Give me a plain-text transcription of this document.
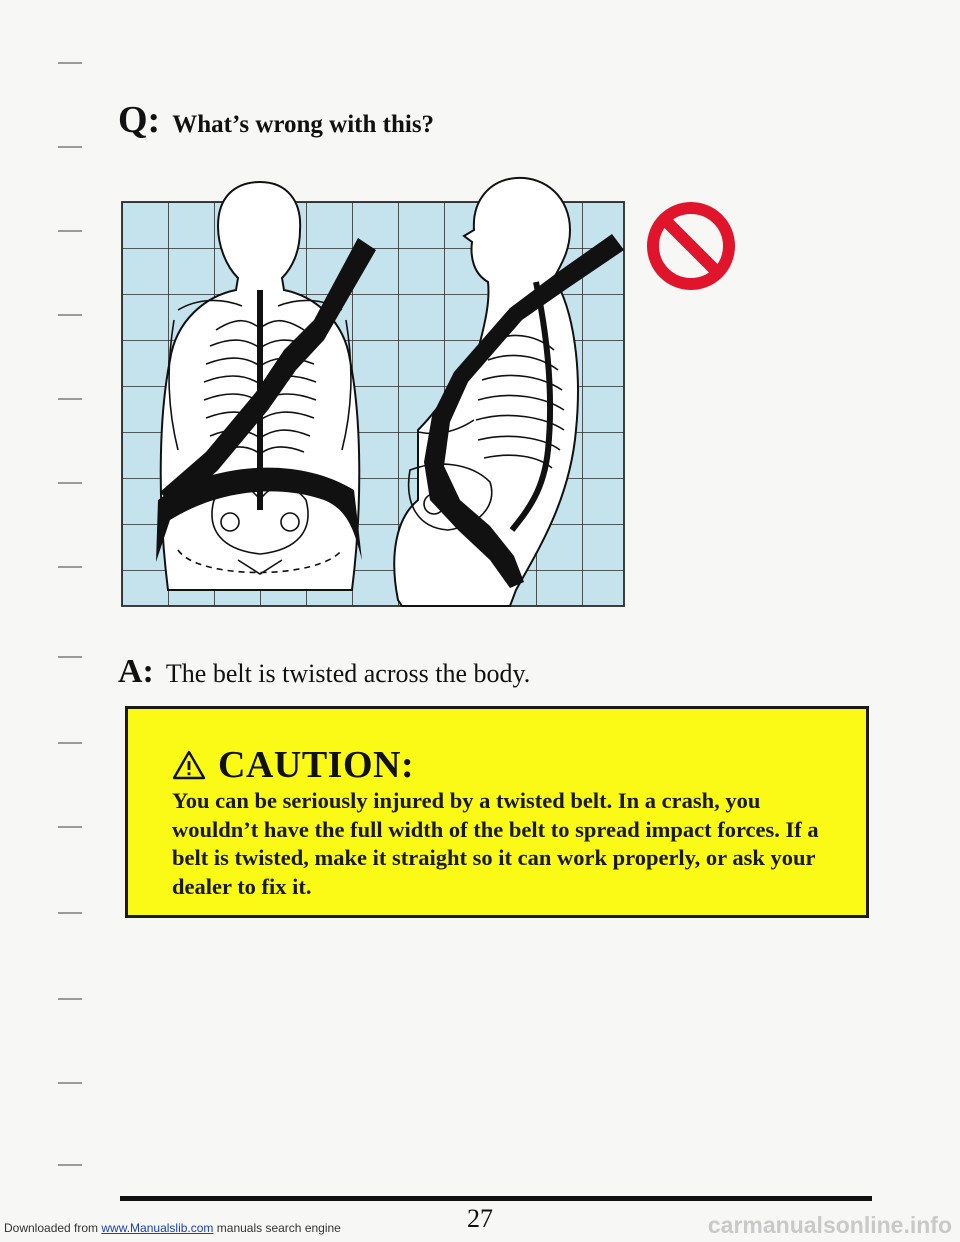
Q: What’s wrong with this?

A: The belt is twisted across the body.

CAUTION:

You can be seriously injured by a twisted belt. In a crash, you wouldn’t have the full width of the belt to spread impact forces. If a belt is twisted, make it straight so it can work properly, or ask your dealer to fix it.

27
Downloaded from www.Manualslib.com manuals search engine	carmanualsonline.info
